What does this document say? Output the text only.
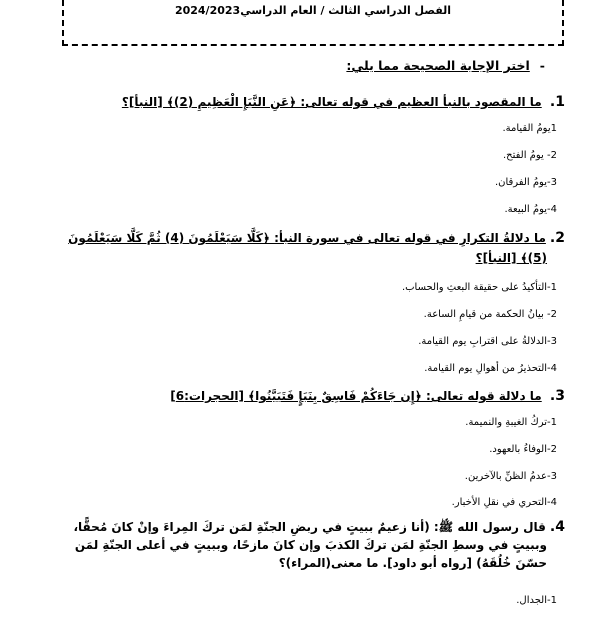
الفصل الدراسي الثالث / العام الدراسي2024/2023
-اختر الإجابة الصحيحة مما يلي:
1. ما المقصود بالنبأ العظيم في قوله تعالى: ﴿عَنِ النَّبَإِ الْعَظِيمِ (2)﴾ [النبأ]؟
1يومُ القيامة.
2- يومُ الفتح.
3-يومُ الفرقان.
4-يومُ البيعة.
2.ما دلالةُ التكرارِ في قوله تعالى في سورة النبأ: ﴿كَلَّا سَيَعْلَمُونَ (4) ثُمَّ كَلَّا سَيَعْلَمُونَ
(5)﴾ [النبأ]؟
1-التأكيدُ على حقيقة البعثِ والحساب.
2- بيانُ الحكمة من قيامِ الساعة.
3-الدلالةُ على اقترابِ يوم القيامة.
4-التحذيرُ من أهوالِ يوم القيامة.
3. ما دلالة قوله تعالى: ﴿إِن جَاءَكُمْ فَاسِقٌ بِنَبَإٍ فَتَبَيَّنُوا﴾ [الحجرات:6]
1-تركُ الغيبةِ والنميمة.
2-الوفاءُ بالعهود.
3-عدمُ الظنِّ بالآخرين.
4-التحري في نقلِ الأخبار.
4.قال رسول الله ﷺ: (أنا زعيمٌ ببيتٍ في ربضِ الجنّةِ لمَن تركَ المِراءَ وإنْ كانَ مُحقًّا،
وببيتٍ في وسطِ الجنّةِ لمَن تركَ الكذبَ وإن كانَ مازحًا، وببيتٍ في أعلى الجنّةِ لمَن
حسّنَ خُلُقَهُ) [رواه أبو داود]. ما معنى(المراء)؟
1-الجدال.
